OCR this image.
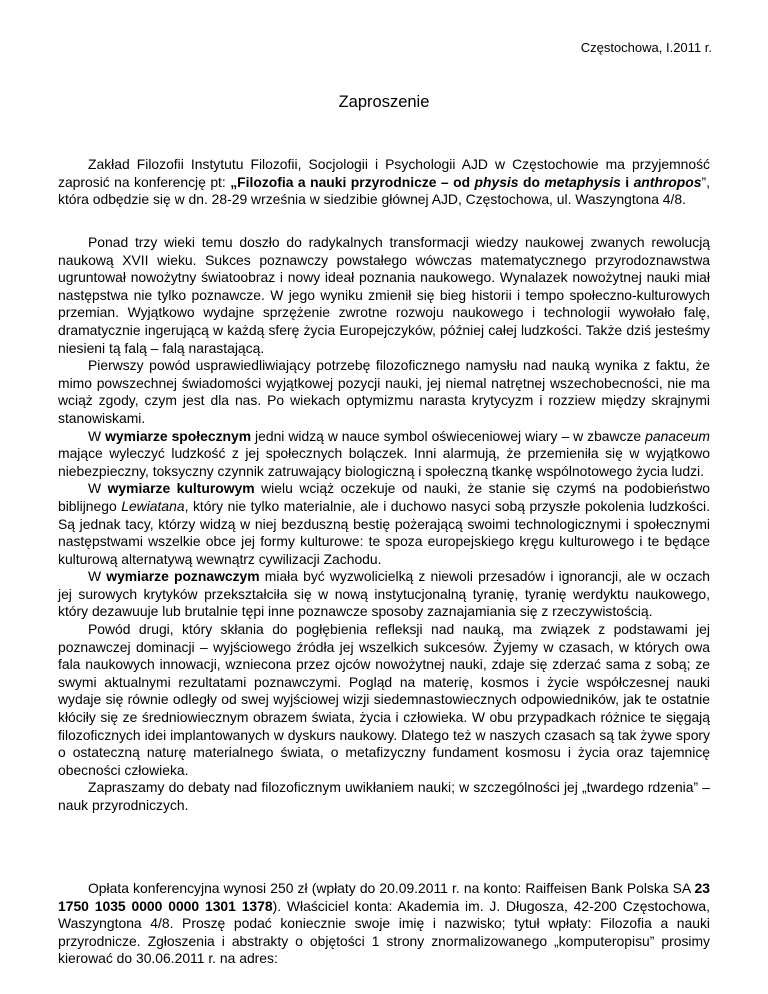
Częstochowa, I.2011 r.
Zaproszenie

Zakład Filozofii Instytutu Filozofii, Socjologii i Psychologii AJD w Częstochowie ma przyjemność zaprosić na konferencję pt: „Filozofia a nauki przyrodnicze – od physis do metaphysis i anthropos”, która odbędzie się w dn. 28-29 września w siedzibie głównej AJD, Częstochowa, ul. Waszyngtona 4/8.

Ponad trzy wieki temu doszło do radykalnych transformacji wiedzy naukowej zwanych rewolucją naukową XVII wieku. Sukces poznawczy powstałego wówczas matematycznego przyrodoznawstwa ugruntował nowożytny światoobraz i nowy ideał poznania naukowego. Wynalazek nowożytnej nauki miał następstwa nie tylko poznawcze. W jego wyniku zmienił się bieg historii i tempo społeczno-kulturowych przemian. Wyjątkowo wydajne sprzężenie zwrotne rozwoju naukowego i technologii wywołało falę, dramatycznie ingerującą w każdą sferę życia Europejczyków, później całej ludzkości. Także dziś jesteśmy niesieni tą falą – falą narastającą.

Pierwszy powód usprawiedliwiający potrzebę filozoficznego namysłu nad nauką wynika z faktu, że mimo powszechnej świadomości wyjątkowej pozycji nauki, jej niemal natrętnej wszechobecności, nie ma wciąż zgody, czym jest dla nas. Po wiekach optymizmu narasta krytycyzm i rozziew między skrajnymi stanowiskami.

W wymiarze społecznym jedni widzą w nauce symbol oświeceniowej wiary – w zbawcze panaceum mające wyleczyć ludzkość z jej społecznych bolączek. Inni alarmują, że przemieniła się w wyjątkowo niebezpieczny, toksyczny czynnik zatruwający biologiczną i społeczną tkankę wspólnotowego życia ludzi.

W wymiarze kulturowym wielu wciąż oczekuje od nauki, że stanie się czymś na podobieństwo biblijnego Lewiatana, który nie tylko materialnie, ale i duchowo nasyci sobą przyszłe pokolenia ludzkości. Są jednak tacy, którzy widzą w niej bezduszną bestię pożerającą swoimi technologicznymi i społecznymi następstwami wszelkie obce jej formy kulturowe: te spoza europejskiego kręgu kulturowego i te będące kulturową alternatywą wewnątrz cywilizacji Zachodu.

W wymiarze poznawczym miała być wyzwolicielką z niewoli przesadów i ignorancji, ale w oczach jej surowych krytyków przekształciła się w nową instytucjonalną tyranię, tyranię werdyktu naukowego, który dezawuuje lub brutalnie tępi inne poznawcze sposoby zaznajamiania się z rzeczywistością.

Powód drugi, który skłania do pogłębienia refleksji nad nauką, ma związek z podstawami jej poznawczej dominacji – wyjściowego źródła jej wszelkich sukcesów. Żyjemy w czasach, w których owa fala naukowych innowacji, wzniecona przez ojców nowożytnej nauki, zdaje się zderzać sama z sobą; ze swymi aktualnymi rezultatami poznawczymi. Pogląd na materię, kosmos i życie współczesnej nauki wydaje się równie odległy od swej wyjściowej wizji siedemnastowiecznych odpowiedników, jak te ostatnie kłóciły się ze średniowiecznym obrazem świata, życia i człowieka. W obu przypadkach różnice te sięgają filozoficznych idei implantowanych w dyskurs naukowy. Dlatego też w naszych czasach są tak żywe spory o ostateczną naturę materialnego świata, o metafizyczny fundament kosmosu i życia oraz tajemnicę obecności człowieka.

Zapraszamy do debaty nad filozoficznym uwikłaniem nauki; w szczególności jej „twardego rdzenia” – nauk przyrodniczych.

Opłata konferencyjna wynosi 250 zł (wpłaty do 20.09.2011 r. na konto: Raiffeisen Bank Polska SA 23 1750 1035 0000 0000 1301 1378). Właściciel konta: Akademia im. J. Długosza, 42-200 Częstochowa, Waszyngtona 4/8. Proszę podać koniecznie swoje imię i nazwisko; tytuł wpłaty: Filozofia a nauki przyrodnicze. Zgłoszenia i abstrakty o objętości 1 strony znormalizowanego „komputeropisu” prosimy kierować do 30.06.2011 r. na adres:
